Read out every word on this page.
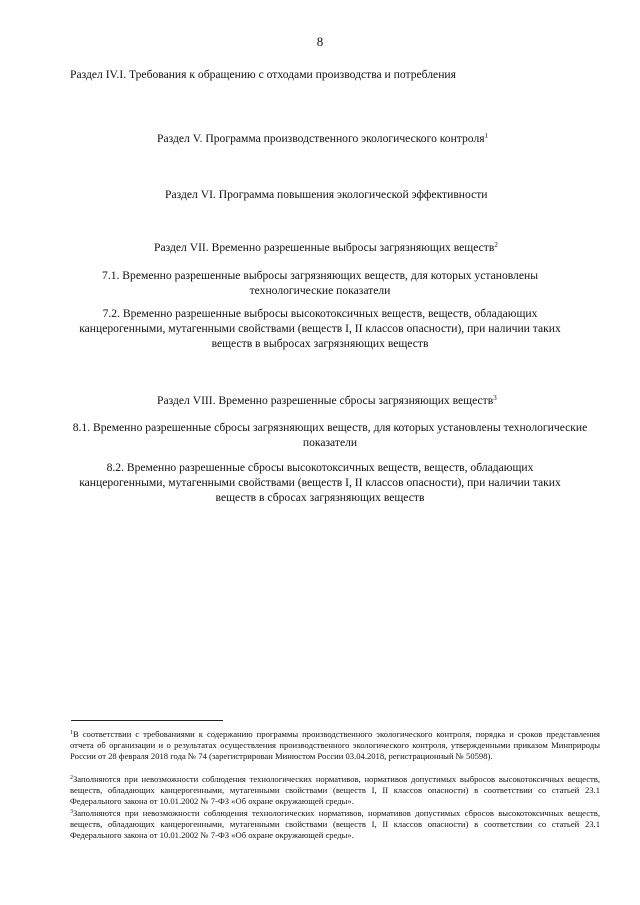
8
Раздел IV.I. Требования к обращению с отходами производства и потребления
Раздел V. Программа производственного экологического контроля$^1$
Раздел VI. Программа повышения экологической эффективности
Раздел VII. Временно разрешенные выбросы загрязняющих веществ$^2$
7.1. Временно разрешенные выбросы загрязняющих веществ, для которых установлены
технологические показатели
7.2. Временно разрешенные выбросы высокотоксичных веществ, веществ, обладающих
канцерогенными, мутагенными свойствами (веществ I, II классов опасности), при наличии таких
веществ в выбросах загрязняющих веществ
Раздел VIII. Временно разрешенные сбросы загрязняющих веществ$^3$
8.1. Временно разрешенные сбросы загрязняющих веществ, для которых установлены технологические
показатели
8.2. Временно разрешенные сбросы высокотоксичных веществ, веществ, обладающих
канцерогенными, мутагенными свойствами (веществ I, II классов опасности), при наличии таких
веществ в сбросах загрязняющих веществ
$^1$В соответствии с требованиями к содержанию программы производственного экологического контроля, порядка и сроков представления отчета об организации и о результатах осуществления производственного экологического контроля, утвержденными приказом Минприроды России от 28 февраля 2018 года № 74 (зарегистрирован Минюстом России 03.04.2018, регистрационный № 50598).
$^2$Заполняются при невозможности соблюдения технологических нормативов, нормативов допустимых выбросов высокотоксичных веществ, веществ, обладающих канцерогенными, мутагенными свойствами (веществ I, II классов опасности) в соответствии со статьей 23.1 Федерального закона от 10.01.2002 № 7-ФЗ «Об охране окружающей среды».
$^3$Заполняются при невозможности соблюдения технологических нормативов, нормативов допустимых сбросов высокотоксичных веществ, веществ, обладающих канцерогенными, мутагенными свойствами (веществ I, II классов опасности) в соответствии со статьей 23.1 Федерального закона от 10.01.2002 № 7-ФЗ «Об охране окружающей среды».
